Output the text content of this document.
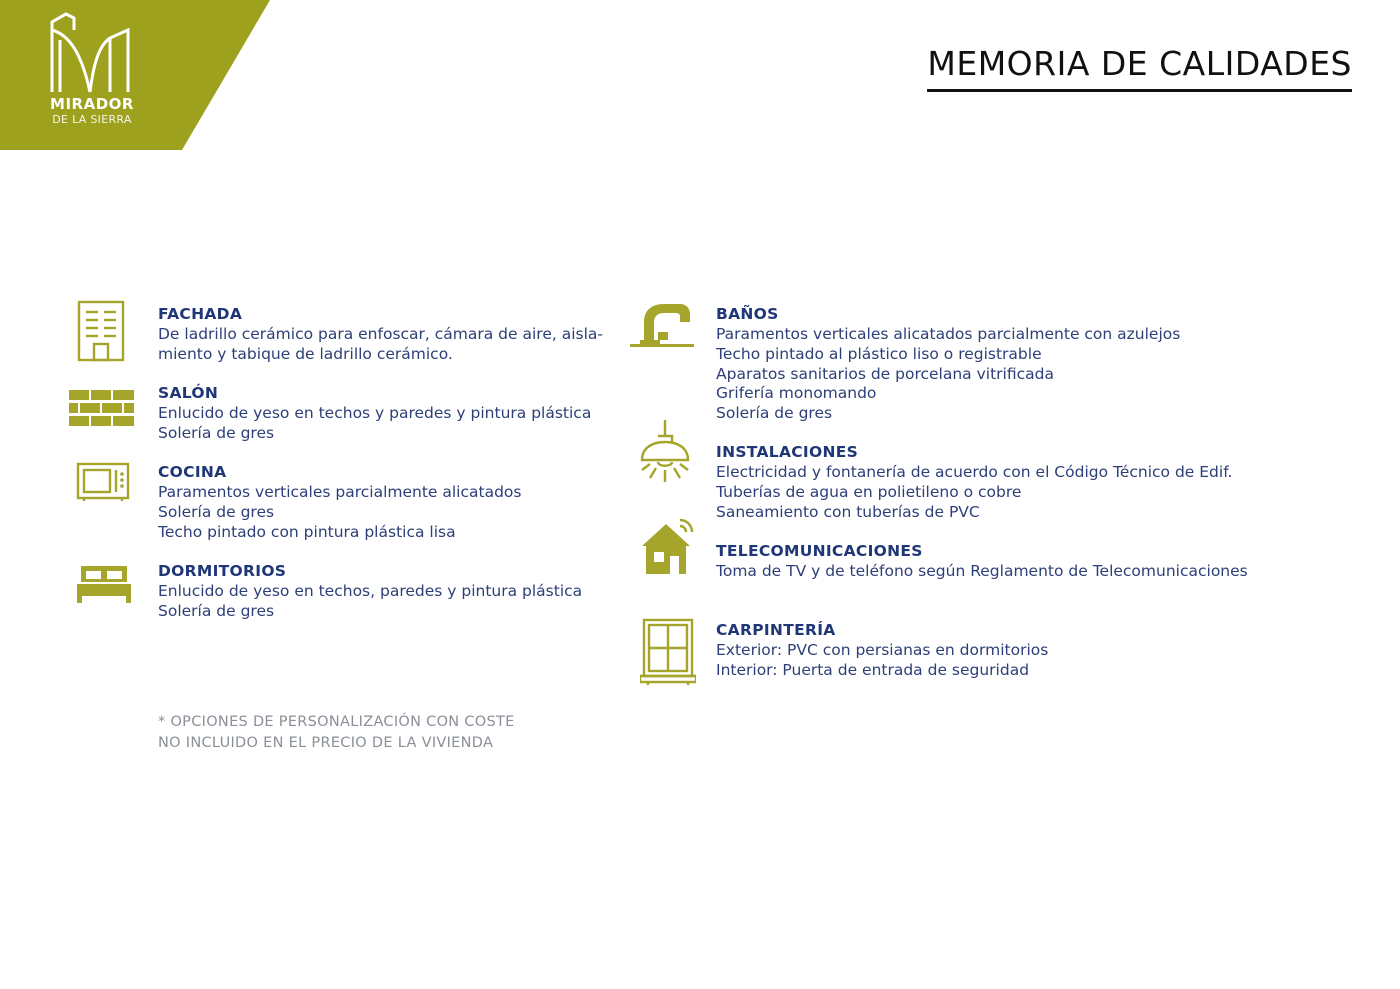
MIRADOR
DE LA SIERRA
MEMORIA DE CALIDADES
FACHADA
De ladrillo cerámico para enfoscar, cámara de aire, aisla-
miento y tabique de ladrillo cerámico.
SALÓN
Enlucido de yeso en techos y paredes y pintura plástica
Solería de gres
COCINA
Paramentos verticales parcialmente alicatados
Solería de gres
Techo pintado con pintura plástica lisa
DORMITORIOS
Enlucido de yeso en techos, paredes y pintura plástica
Solería de gres
BAÑOS
Paramentos verticales alicatados parcialmente con azulejos
Techo pintado al plástico liso o registrable
Aparatos sanitarios de porcelana vitrificada
Grifería monomando
Solería de gres
INSTALACIONES
Electricidad y fontanería de acuerdo con el Código Técnico de Edif.
Tuberías de agua en polietileno o cobre
Saneamiento con tuberías de PVC
TELECOMUNICACIONES
Toma de TV y de teléfono según Reglamento de Telecomunicaciones
CARPINTERÍA
Exterior: PVC con persianas en dormitorios
Interior: Puerta de entrada de seguridad
* OPCIONES DE PERSONALIZACIÓN CON COSTE
NO INCLUIDO EN EL PRECIO DE LA VIVIENDA
